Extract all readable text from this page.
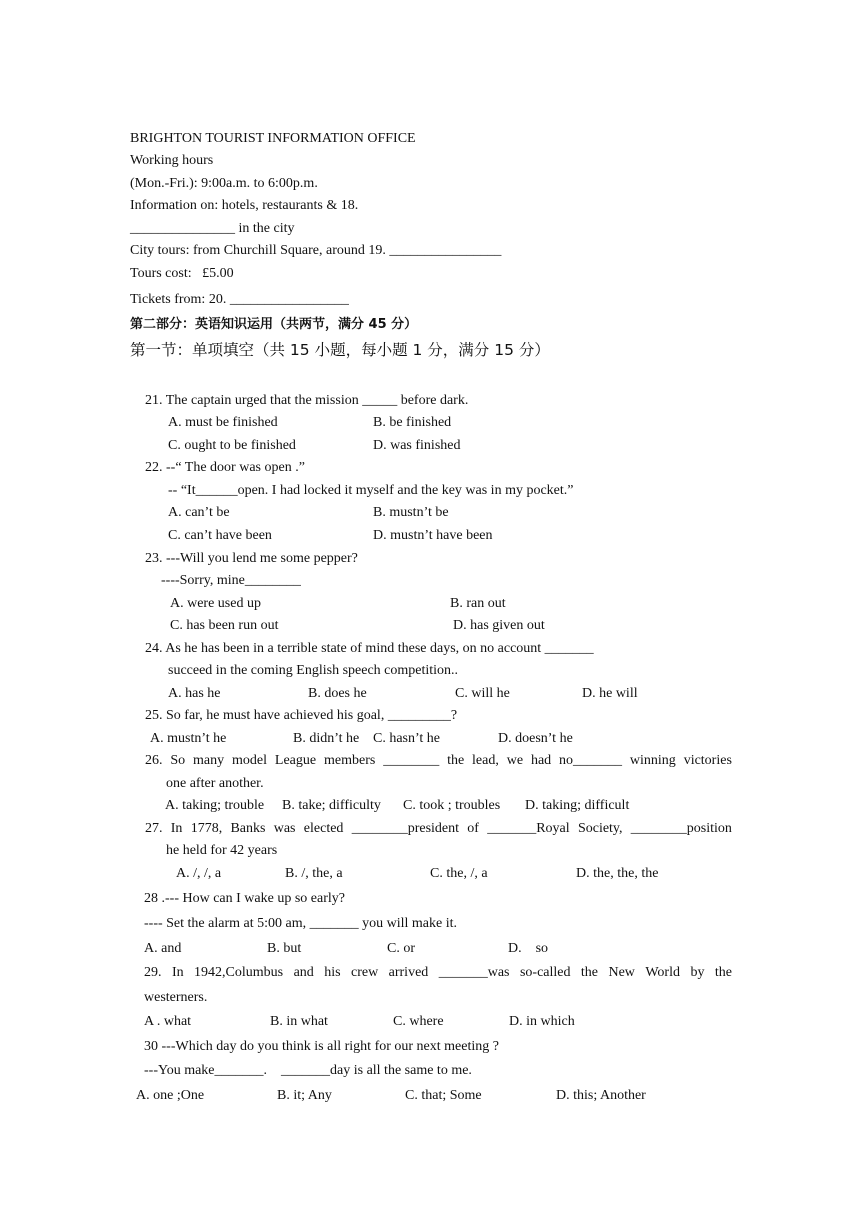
BRIGHTON TOURIST INFORMATION OFFICE
Working hours
(Mon.-Fri.): 9:00a.m. to 6:00p.m.
Information on: hotels, restaurants & 18.
_______________ in the city
City tours: from Churchill Square, around 19. ________________
Tours cost:   £5.00
Tickets from: 20. _________________
第二部分：英语知识运用（共两节，满分 45 分）
第一节：单项填空（共 15 小题，每小题 1 分，满分 15 分）
21. The captain urged that the mission _____ before dark.
A. must be finished	B. be finished
C. ought to be finished	D. was finished
22. --“ The door was open .”
-- “It______open. I had locked it myself and the key was in my pocket.”
A. can’t be	B. mustn’t be
C. can’t have been	D. mustn’t have been
23. ---Will you lend me some pepper?
----Sorry, mine________
A. were used up	B. ran out
C. has been run out	D. has given out
24. As he has been in a terrible state of mind these days, on no account _______
succeed in the coming English speech competition..
A. has he	B. does he	C. will he	D. he will
25. So far, he must have achieved his goal, _________?
A. mustn’t he	B. didn’t he C. hasn’t he	D. doesn’t he
26. So many model League members ________ the lead, we had no_______ winning victories
one after another.
A. taking; trouble B. take; difficulty C. took ; troubles D. taking; difficult
27. In 1778, Banks was elected ________president of _______Royal Society, ________position
he held for 42 years
A. /, /, a	B. /, the, a	C. the, /, a	D. the, the, the
28 .--- How can I wake up so early?
---- Set the alarm at 5:00 am, _______ you will make it.
A. and	B. but	C. or	D.    so
29. In 1942,Columbus and his crew arrived _______was so-called the New World by the
westerners.
A . what	B. in what	C. where	D. in which
30 ---Which day do you think is all right for our next meeting ?
---You make_______.    _______day is all the same to me.
A. one ;One	B. it; Any	C. that; Some	D. this; Another
